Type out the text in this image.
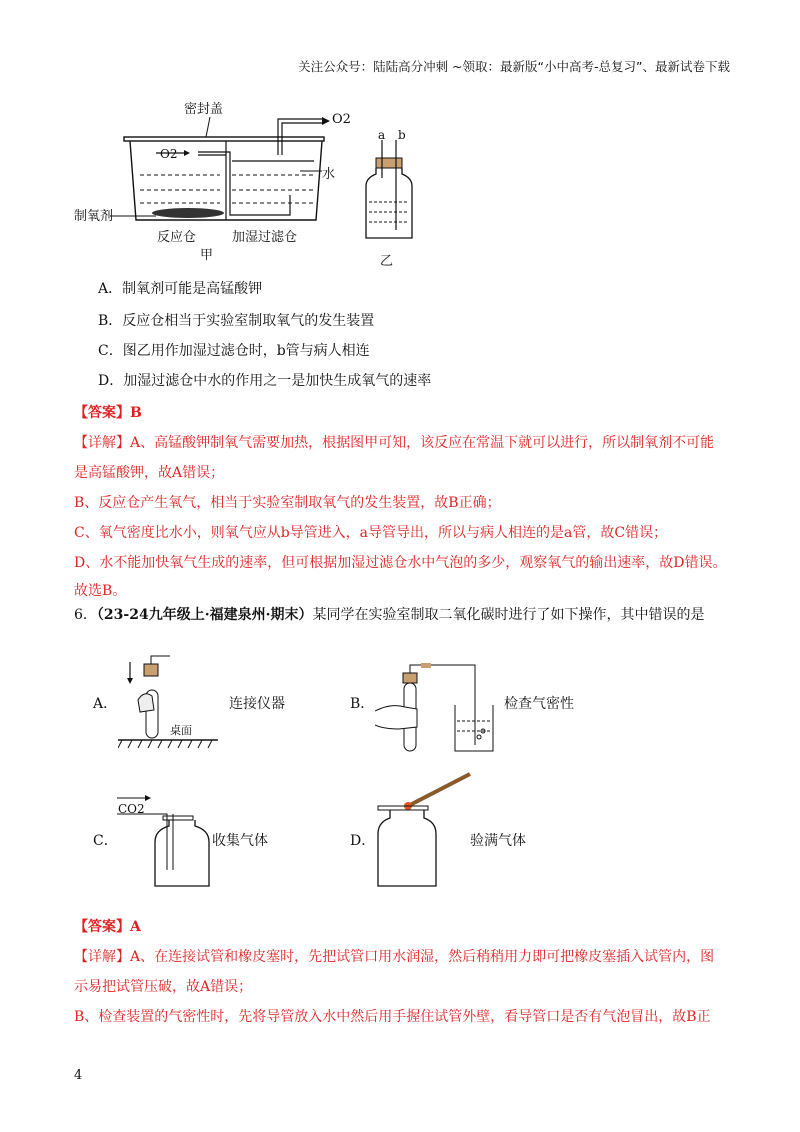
关注公众号：陆陆高分冲刺 ~领取：最新版“小中高考-总复习”、最新试卷下载
密封盖
O2
O2
水
制氧剂
反应仓	加湿过滤仓
甲
a b
乙
A．制氧剂可能是高锰酸钾
B．反应仓相当于实验室制取氧气的发生装置
C．图乙用作加湿过滤仓时，b管与病人相连
D．加湿过滤仓中水的作用之一是加快生成氧气的速率
【答案】B
【详解】A、高锰酸钾制氧气需要加热，根据图甲可知，该反应在常温下就可以进行，所以制氧剂不可能
是高锰酸钾，故A错误；
B、反应仓产生氧气，相当于实验室制取氧气的发生装置，故B正确；
C、氧气密度比水小，则氧气应从b导管进入，a导管导出，所以与病人相连的是a管，故C错误；
D、水不能加快氧气生成的速率，但可根据加湿过滤仓水中气泡的多少，观察氧气的输出速率，故D错误。
故选B。
6．（23-24九年级上·福建泉州·期末）某同学在实验室制取二氧化碳时进行了如下操作，其中错误的是
A．
桌面
连接仪器	B．	检查气密性
C．
CO2
收集气体	D．	验满气体
【答案】A
【详解】A、在连接试管和橡皮塞时，先把试管口用水润湿，然后稍稍用力即可把橡皮塞插入试管内，图
示易把试管压破，故A错误；
B、检查装置的气密性时，先将导管放入水中然后用手握住试管外壁，看导管口是否有气泡冒出，故B正
4
